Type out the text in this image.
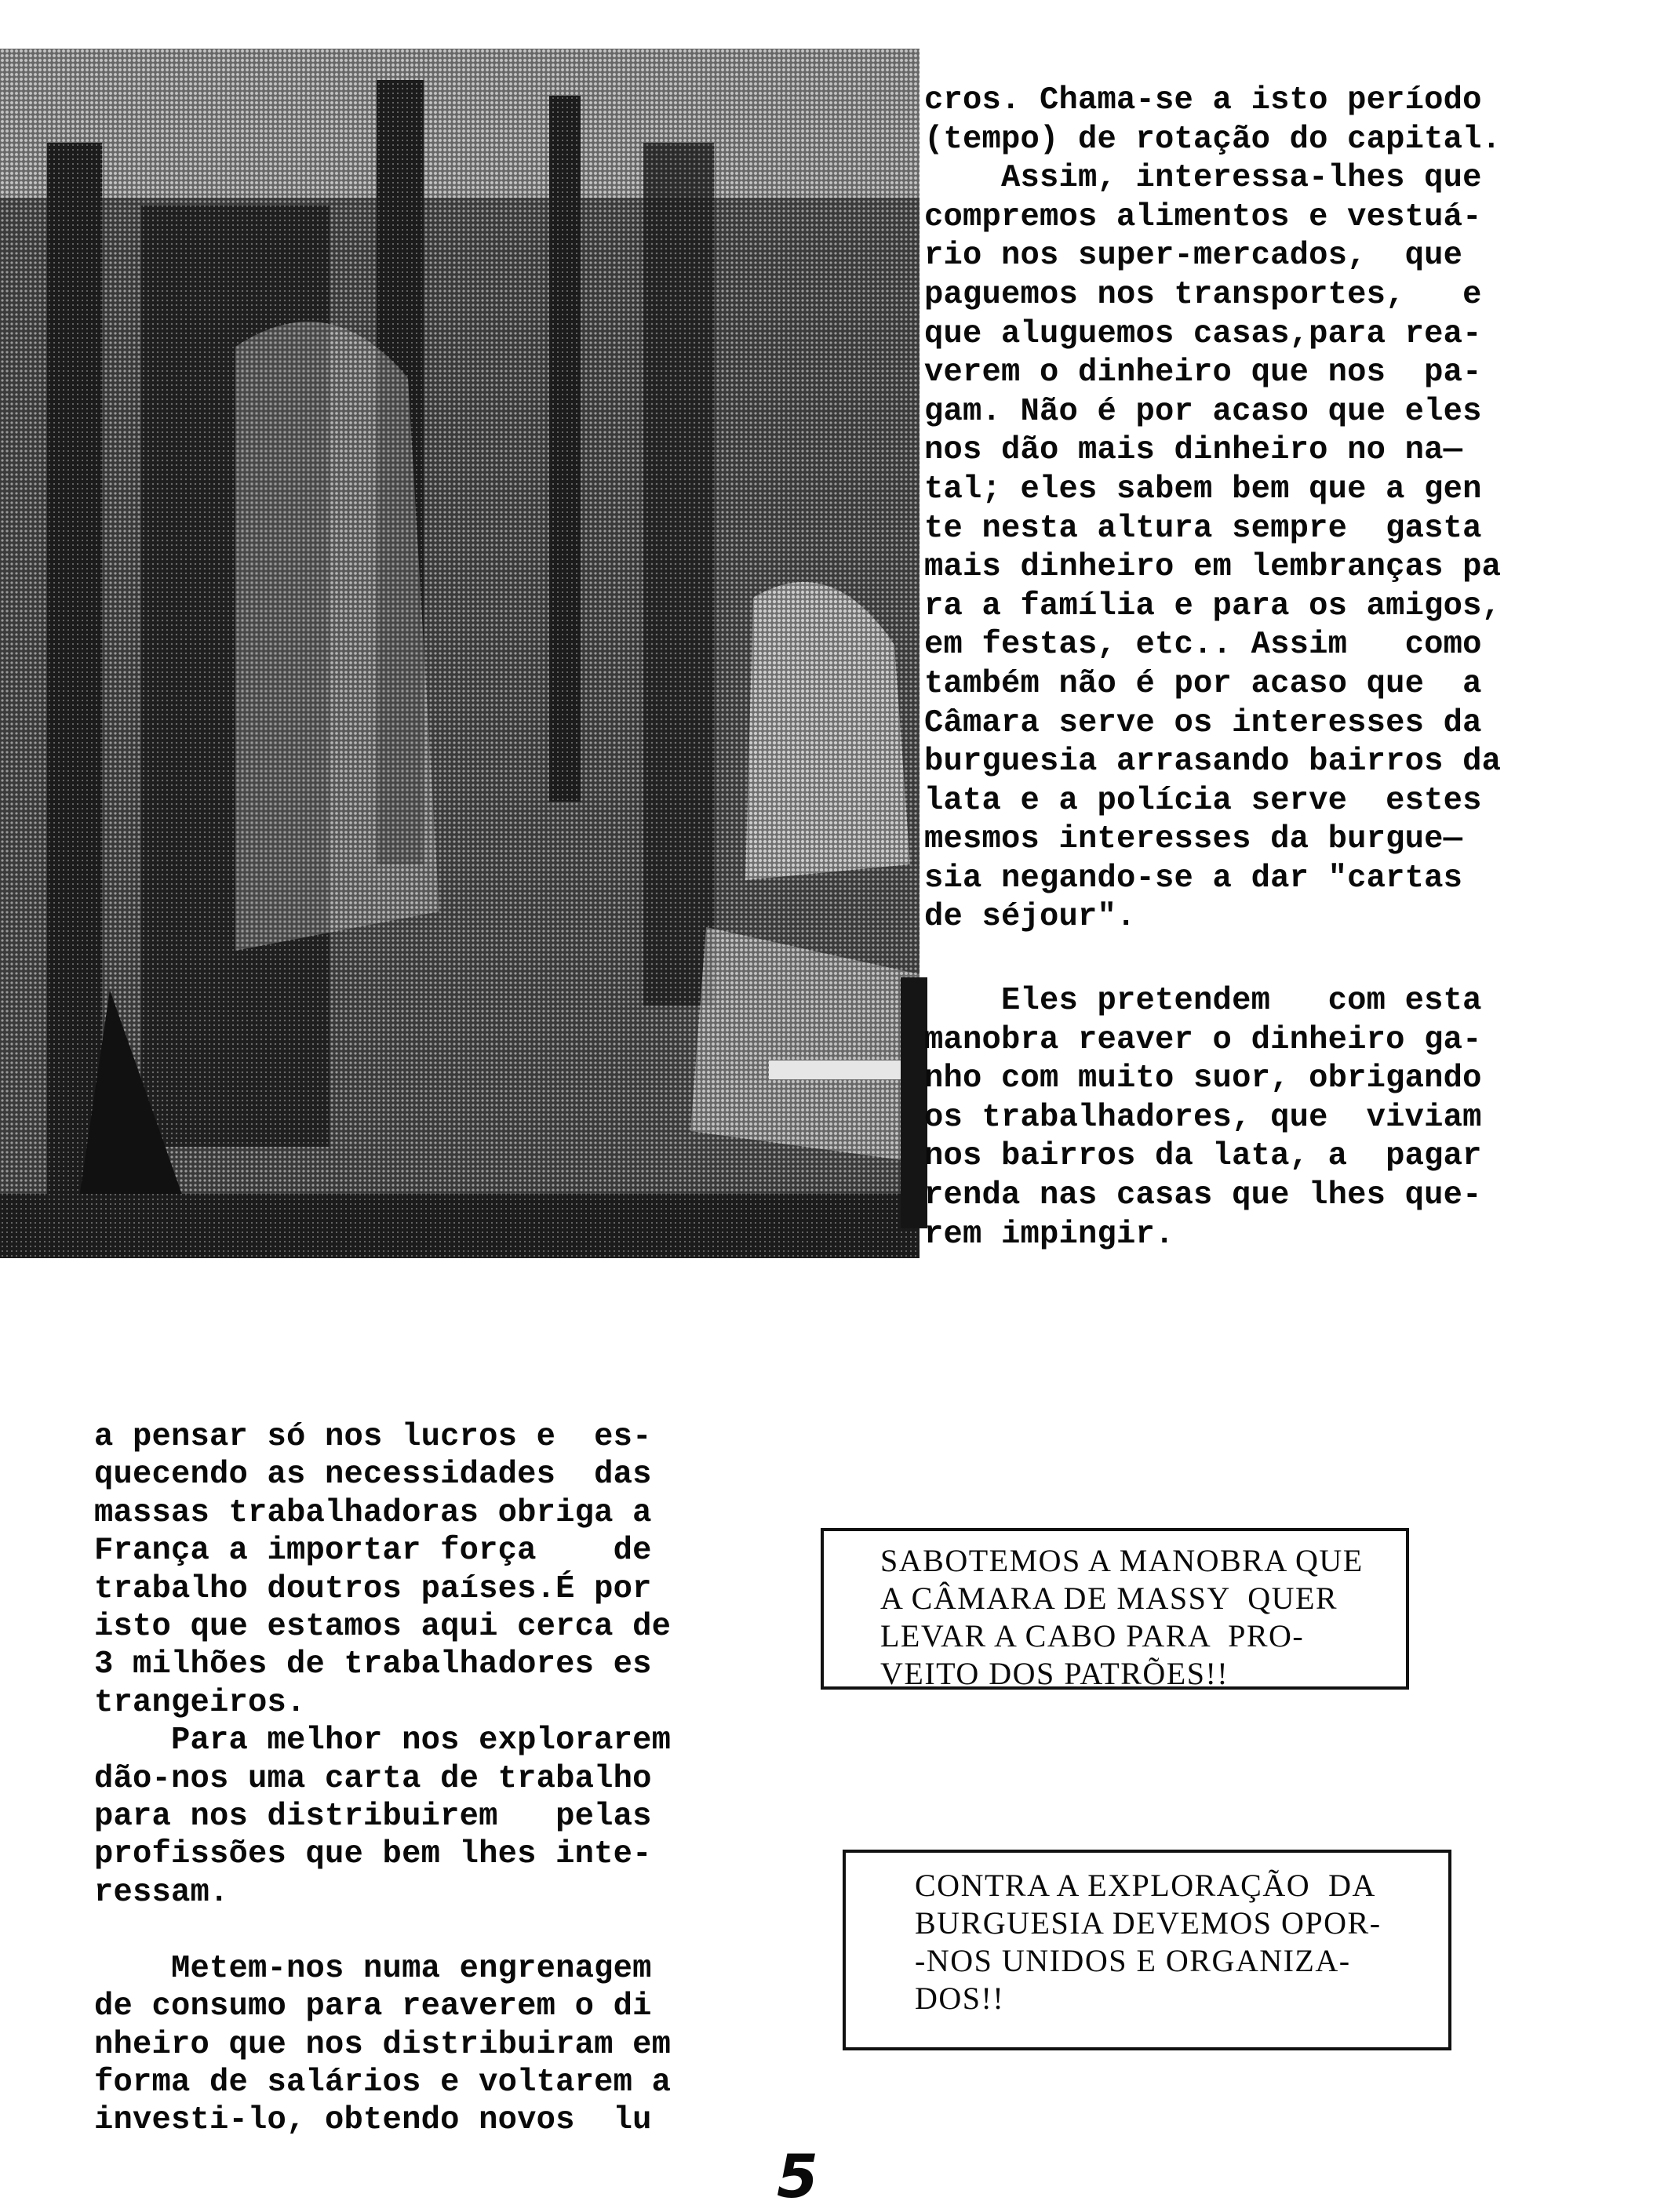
cros. Chama-se a isto período
(tempo) de rotação do capital.
Assim, interessa-lhes que
compremos alimentos e vestuá-
rio nos super-mercados,  que
paguemos nos transportes,   e
que aluguemos casas,para rea-
verem o dinheiro que nos  pa-
gam. Não é por acaso que eles
nos dão mais dinheiro no na—
tal; eles sabem bem que a gen
te nesta altura sempre  gasta
mais dinheiro em lembranças pa
ra a família e para os amigos,
em festas, etc.. Assim   como
também não é por acaso que  a
Câmara serve os interesses da
burguesia arrasando bairros da
lata e a polícia serve  estes
mesmos interesses da burgue—
sia negando-se a dar "cartas
de séjour".
Eles pretendem   com esta
manobra reaver o dinheiro ga-
nho com muito suor, obrigando
os trabalhadores, que  viviam
nos bairros da lata, a  pagar
renda nas casas que lhes que-
rem impingir.
a pensar só nos lucros e  es-
quecendo as necessidades  das
massas trabalhadoras obriga a
França a importar força    de
trabalho doutros países.É por
isto que estamos aqui cerca de
3 milhões de trabalhadores es
trangeiros.
Para melhor nos explorarem
dão-nos uma carta de trabalho
para nos distribuirem   pelas
profissões que bem lhes inte-
ressam.

Metem-nos numa engrenagem
de consumo para reaverem o di
nheiro que nos distribuiram em
forma de salários e voltarem a
investi-lo, obtendo novos  lu
SABOTEMOS A MANOBRA QUE
A CÂMARA DE MASSY  QUER
LEVAR A CABO PARA  PRO-
VEITO DOS PATRÕES!!
CONTRA A EXPLORAÇÃO  DA
BURGUESIA DEVEMOS OPOR-
-NOS UNIDOS E ORGANIZA-
DOS!!
5
